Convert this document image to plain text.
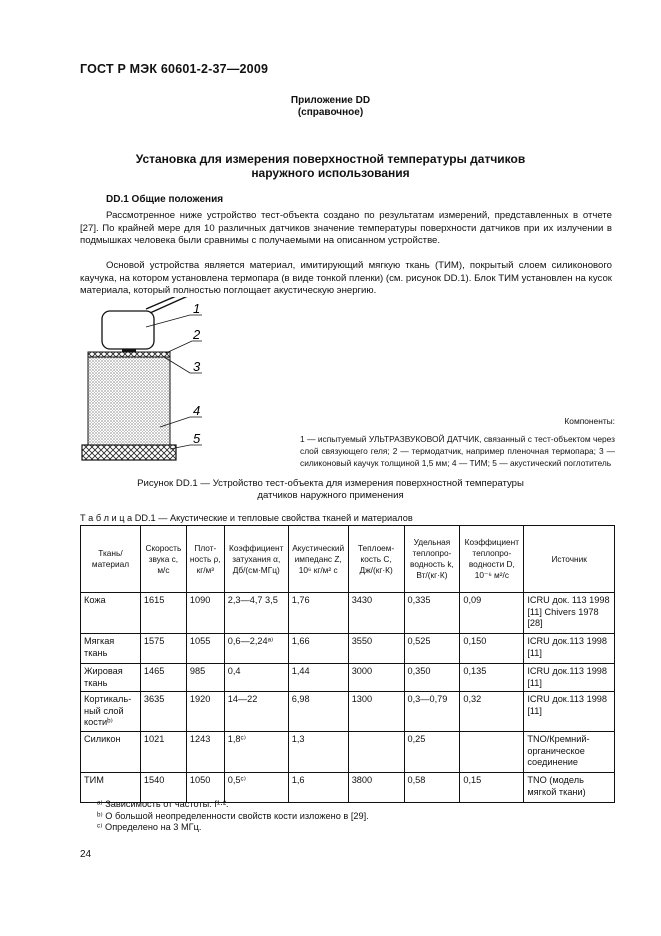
ГОСТ Р МЭК 60601-2-37—2009
Приложение DD
(справочное)
Установка для измерения поверхностной температуры датчиков
наружного использования
DD.1 Общие положения
Рассмотренное ниже устройство тест-объекта создано по результатам измерений, представленных в отчете [27]. По крайней мере для 10 различных датчиков значение температуры поверхности датчиков при их излучении в подмышках человека были сравнимы с получаемыми на описанном устройстве.
Основой устройства является материал, имитирующий мягкую ткань (ТИМ), покрытый слоем силиконового каучука, на котором установлена термопара (в виде тонкой пленки) (см. рисунок DD.1). Блок ТИМ установлен на кусок материала, который полностью поглощает акустическую энергию.
1
2
3
4
5
Компоненты:
1 — испытуемый УЛЬТРАЗВУКОВОЙ ДАТЧИК, связанный с тест-объектом через слой связующего геля; 2 — термодатчик, например пленочная термопара; 3 — силиконовый каучук толщиной 1,5 мм; 4 — ТИМ; 5 — акустический поглотитель
Рисунок DD.1 — Устройство тест-объекта для измерения поверхностной температуры
датчиков наружного применения
Т а б л и ц а DD.1 — Акустические и тепловые свойства тканей и материалов
Ткань/ материал	Скорость звука c, м/с	Плот-ность ρ, кг/м³	Коэффициент затухания α, Дб/(см·МГц)	Акустический импеданс Z, 10⁶ кг/м² с	Теплоем-кость C, Дж/(кг·К)	Удельная теплопро-водность k, Вт/(кг·К)	Коэффициент теплопро-водности D, 10⁻⁶ м²/с	Источник
Кожа	1615	1090	2,3—4,7 3,5	1,76	3430	0,335	0,09	ICRU док. 113 1998 [11] Chivers 1978 [28]
Мягкая ткань	1575	1055	0,6—2,24ᵃ⁾	1,66	3550	0,525	0,150	ICRU док.113 1998 [11]
Жировая ткань	1465	985	0,4	1,44	3000	0,350	0,135	ICRU док.113 1998 [11]
Кортикаль-ный слой костиᵇ⁾	3635	1920	14—22	6,98	1300	0,3—0,79	0,32	ICRU док.113 1998 [11]
Силикон	1021	1243	1,8ᶜ⁾	1,3		0,25		TNO/Кремний-органическое соединение
ТИМ	1540	1050	0,5ᶜ⁾	1,6	3800	0,58	0,15	TNO (модель мягкой ткани)
ᵃ⁾ Зависимость от частоты: f¹·².
ᵇ⁾ О большой неопределенности свойств кости изложено в [29].
ᶜ⁾ Определено на 3 МГц.
24
